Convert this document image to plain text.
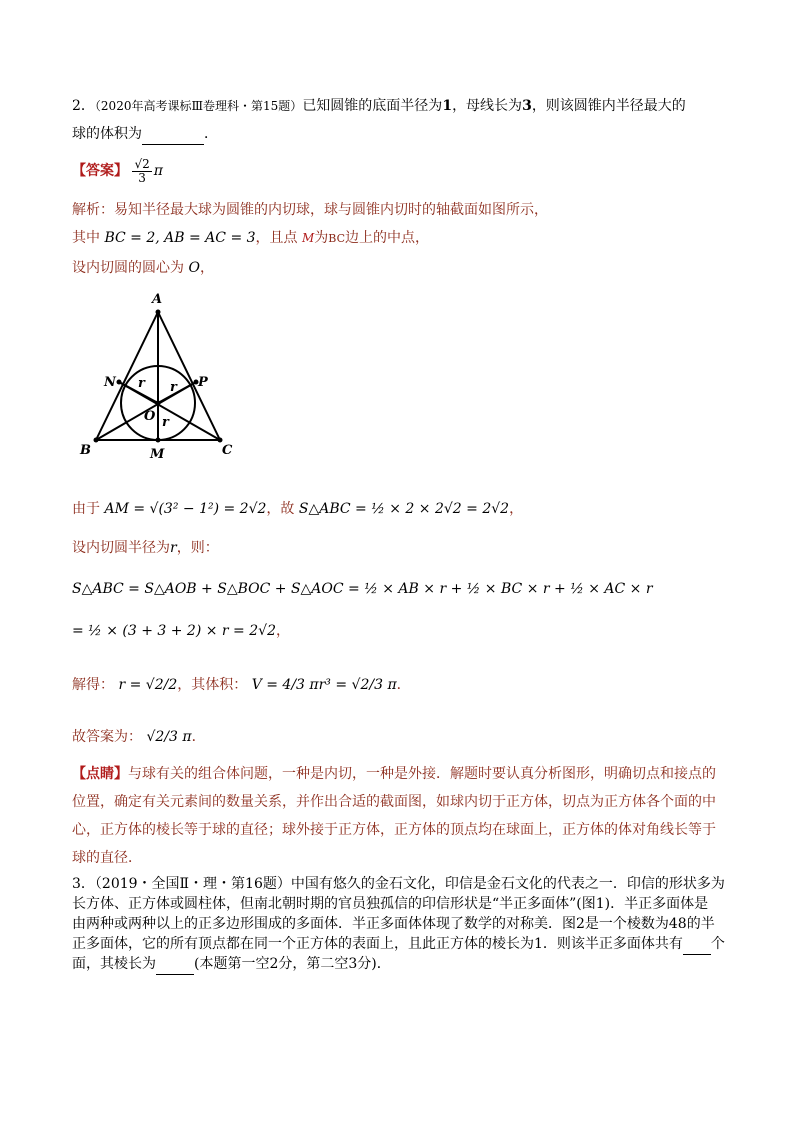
2．（2020年高考课标Ⅲ卷理科・第15题）已知圆锥的底面半径为1，母线长为3，则该圆锥内半径最大的
球的体积为	．
【答案】 $\frac{√2}{3}$ π
解析：易知半径最大球为圆锥的内切球，球与圆锥内切时的轴截面如图所示，
其中 BC = 2, AB = AC = 3，且点 M为BC边上的中点，
设内切圆的圆心为 O，
A
B	C
M
N	P
O
r r
r
由于 AM = √(3² − 1²) = 2√2，故 S△ABC = ½ × 2 × 2√2 = 2√2，
设内切圆半径为r，则：
S△ABC = S△AOB + S△BOC + S△AOC = ½ × AB × r + ½ × BC × r + ½ × AC × r
= ½ × (3 + 3 + 2) × r = 2√2，
解得： r = √2/2，其体积： V = 4/3 πr³ = √2/3 π．
故答案为： √2/3 π．
【点睛】与球有关的组合体问题，一种是内切，一种是外接．解题时要认真分析图形，明确切点和接点的
位置，确定有关元素间的数量关系，并作出合适的截面图，如球内切于正方体，切点为正方体各个面的中
心，正方体的棱长等于球的直径；球外接于正方体，正方体的顶点均在球面上，正方体的体对角线长等于
球的直径．
3．（2019・全国Ⅱ・理・第16题）中国有悠久的金石文化，印信是金石文化的代表之一．印信的形状多为
长方体、正方体或圆柱体，但南北朝时期的官员独孤信的印信形状是“半正多面体”(图1)．半正多面体是
由两种或两种以上的正多边形围成的多面体．半正多面体体现了数学的对称美．图2是一个棱数为48的半
正多面体，它的所有顶点都在同一个正方体的表面上，且此正方体的棱长为1．则该半正多面体共有 个
面，其棱长为	(本题第一空2分，第二空3分)．
